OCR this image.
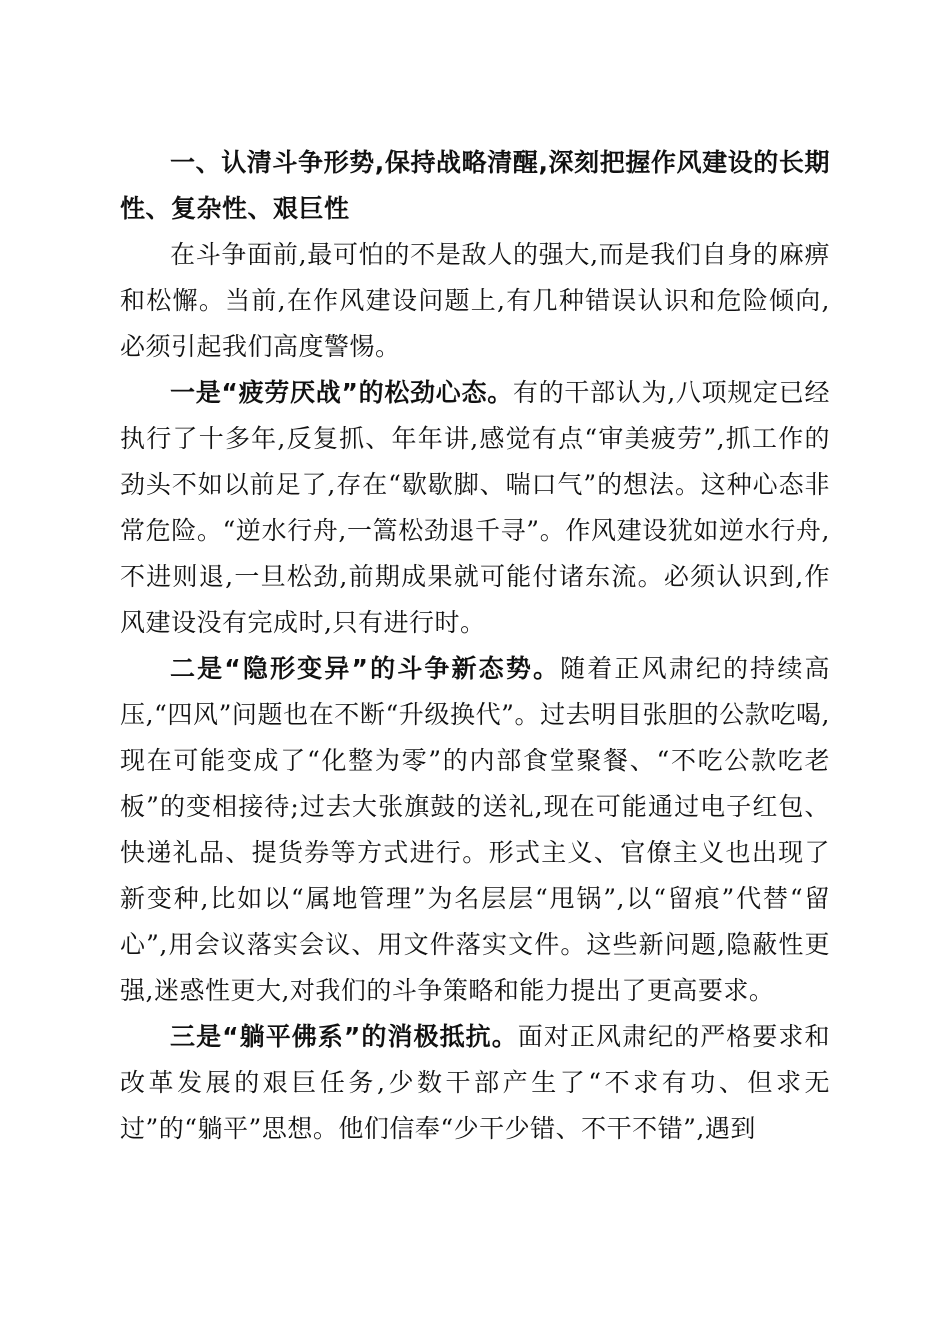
一、认清斗争形势,保持战略清醒,深刻把握作风建设的长期性、复杂性、艰巨性

在斗争面前,最可怕的不是敌人的强大,而是我们自身的麻痹和松懈。当前,在作风建设问题上,有几种错误认识和危险倾向,必须引起我们高度警惕。

一是“疲劳厌战”的松劲心态。有的干部认为,八项规定已经执行了十多年,反复抓、年年讲,感觉有点“审美疲劳”,抓工作的劲头不如以前足了,存在“歇歇脚、喘口气”的想法。这种心态非常危险。“逆水行舟,一篙松劲退千寻”。作风建设犹如逆水行舟,不进则退,一旦松劲,前期成果就可能付诸东流。必须认识到,作风建设没有完成时,只有进行时。

二是“隐形变异”的斗争新态势。随着正风肃纪的持续高压,“四风”问题也在不断“升级换代”。过去明目张胆的公款吃喝,现在可能变成了“化整为零”的内部食堂聚餐、“不吃公款吃老板”的变相接待;过去大张旗鼓的送礼,现在可能通过电子红包、快递礼品、提货券等方式进行。形式主义、官僚主义也出现了新变种,比如以“属地管理”为名层层“甩锅”,以“留痕”代替“留心”,用会议落实会议、用文件落实文件。这些新问题,隐蔽性更强,迷惑性更大,对我们的斗争策略和能力提出了更高要求。

三是“躺平佛系”的消极抵抗。面对正风肃纪的严格要求和改革发展的艰巨任务,少数干部产生了“不求有功、但求无过”的“躺平”思想。他们信奉“少干少错、不干不错”,遇到
